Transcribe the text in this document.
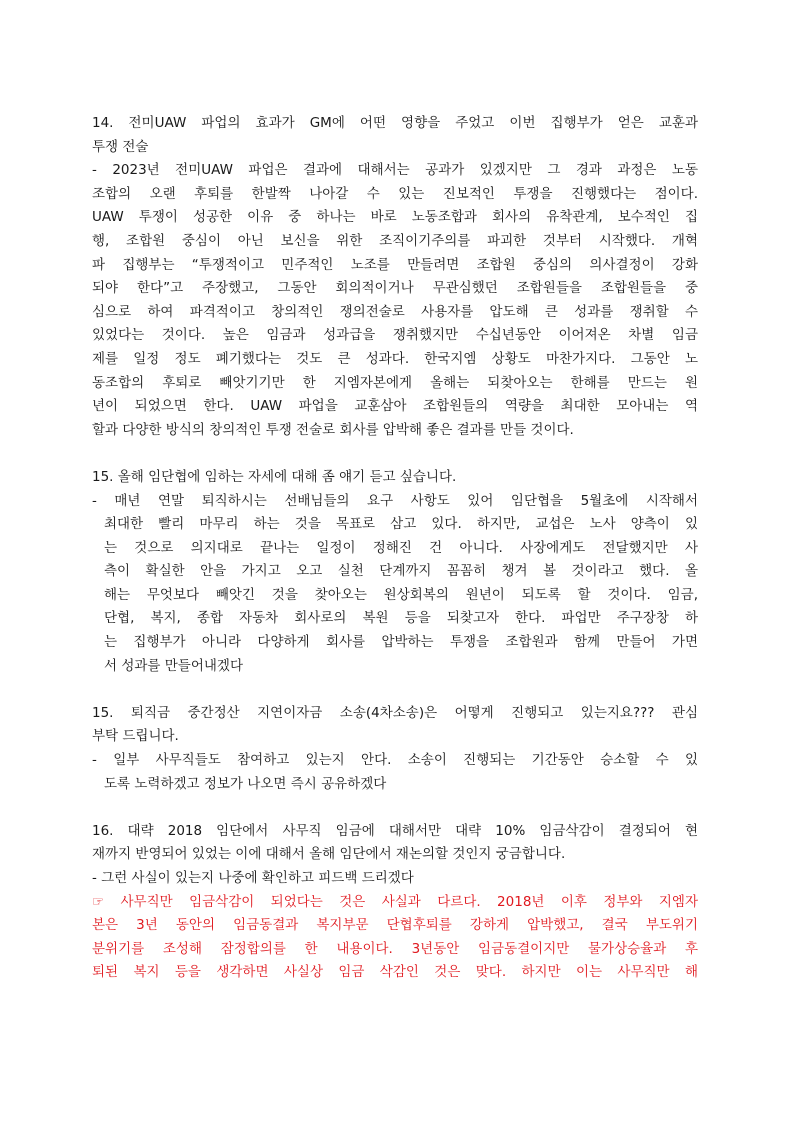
14. 전미UAW 파업의 효과가 GM에 어떤 영향을 주었고 이번 집행부가 얻은 교훈과
투쟁 전술
- 2023년 전미UAW 파업은 결과에 대해서는 공과가 있겠지만 그 경과 과정은 노동
조합의 오랜 후퇴를 한발짝 나아갈 수 있는 진보적인 투쟁을 진행했다는 점이다.
UAW 투쟁이 성공한 이유 중 하나는 바로 노동조합과 회사의 유착관계, 보수적인 집
행, 조합원 중심이 아닌 보신을 위한 조직이기주의를 파괴한 것부터 시작했다. 개혁
파 집행부는 “투쟁적이고 민주적인 노조를 만들려면 조합원 중심의 의사결정이 강화
되야 한다”고 주장했고, 그동안 회의적이거나 무관심했던 조합원들을 조합원들을 중
심으로 하여 파격적이고 창의적인 쟁의전술로 사용자를 압도해 큰 성과를 쟁취할 수
있었다는 것이다. 높은 임금과 성과급을 쟁취했지만 수십년동안 이어져온 차별 임금
제를 일정 정도 폐기했다는 것도 큰 성과다. 한국지엠 상황도 마찬가지다. 그동안 노
동조합의 후퇴로 빼앗기기만 한 지엠자본에게 올해는 되찾아오는 한해를 만드는 원
년이 되었으면 한다. UAW 파업을 교훈삼아 조합원들의 역량을 최대한 모아내는 역
할과 다양한 방식의 창의적인 투쟁 전술로 회사를 압박해 좋은 결과를 만들 것이다.
15. 올해 임단협에 임하는 자세에 대해 좀 얘기 듣고 싶습니다.
- 매년 연말 퇴직하시는 선배님들의 요구 사항도 있어 임단협을 5월초에 시작해서
최대한 빨리 마무리 하는 것을 목표로 삼고 있다. 하지만, 교섭은 노사 양측이 있
는 것으로 의지대로 끝나는 일정이 정해진 건 아니다. 사장에게도 전달했지만 사
측이 확실한 안을 가지고 오고 실천 단계까지 꼼꼼히 챙겨 볼 것이라고 했다. 올
해는 무엇보다 빼앗긴 것을 찾아오는 원상회복의 원년이 되도록 할 것이다. 임금,
단협, 복지, 종합 자동차 회사로의 복원 등을 되찾고자 한다. 파업만 주구장창 하
는 집행부가 아니라 다양하게 회사를 압박하는 투쟁을 조합원과 함께 만들어 가면
서 성과를 만들어내겠다
15. 퇴직금 중간정산 지연이자금 소송(4차소송)은 어떻게 진행되고 있는지요??? 관심
부탁 드립니다.
- 일부 사무직들도 참여하고 있는지 안다. 소송이 진행되는 기간동안 승소할 수 있
도록 노력하겠고 정보가 나오면 즉시 공유하겠다
16. 대략 2018 임단에서 사무직 임금에 대해서만 대략 10% 임금삭감이 결정되어 현
재까지 반영되어 있었는 이에 대해서 올해 임단에서 재논의할 것인지 궁금합니다.
- 그런 사실이 있는지 나중에 확인하고 피드백 드리겠다
☞ 사무직만 임금삭감이 되었다는 것은 사실과 다르다. 2018년 이후 정부와 지엠자
본은 3년 동안의 임금동결과 복지부문 단협후퇴를 강하게 압박했고, 결국 부도위기
분위기를 조성해 잠정합의를 한 내용이다. 3년동안 임금동결이지만 물가상승율과 후
퇴된 복지 등을 생각하면 사실상 임금 삭감인 것은 맞다. 하지만 이는 사무직만 해
